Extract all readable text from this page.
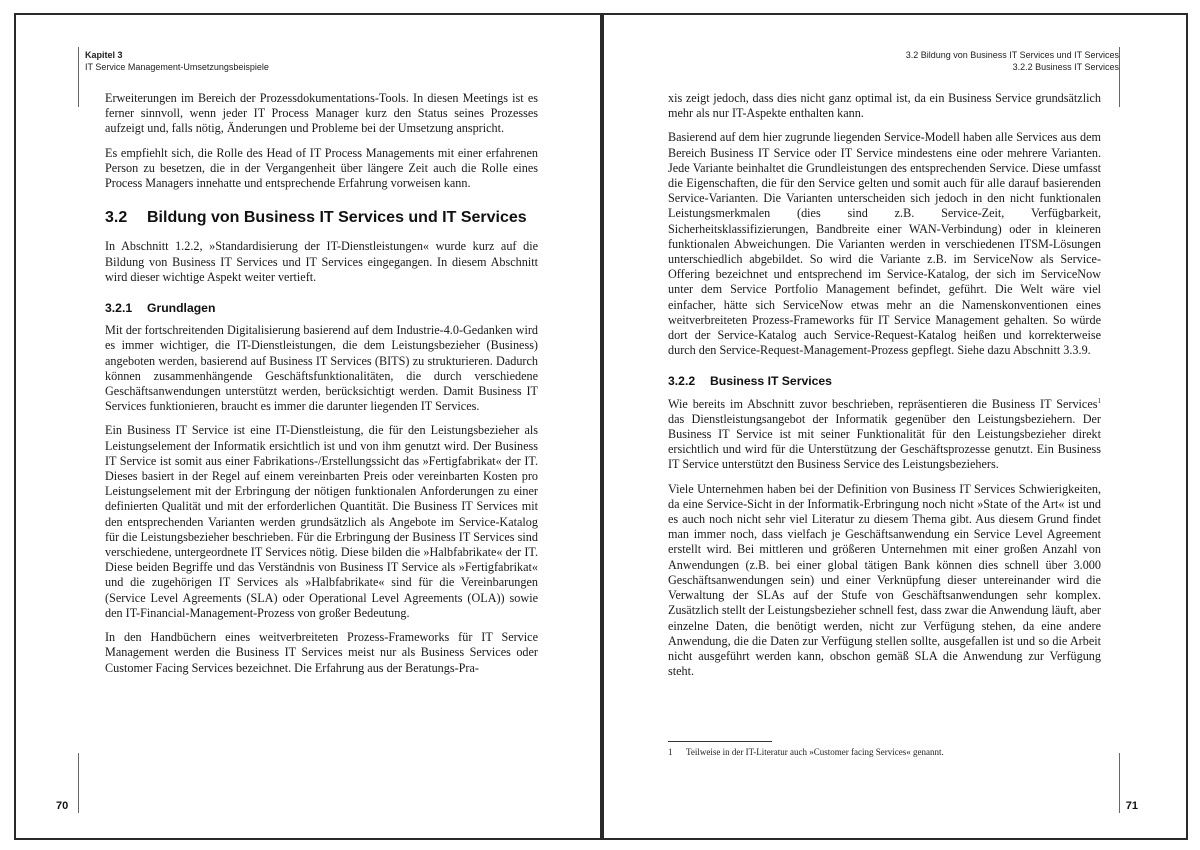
Kapitel 3
IT Service Management-Umsetzungsbeispiele

Erweiterungen im Bereich der Prozessdokumentations-Tools. In diesen Meetings ist es ferner sinnvoll, wenn jeder IT Process Manager kurz den Status seines Prozesses aufzeigt und, falls nötig, Änderungen und Probleme bei der Umsetzung anspricht.

Es empfiehlt sich, die Rolle des Head of IT Process Managements mit einer erfahrenen Person zu besetzen, die in der Vergangenheit über längere Zeit auch die Rolle eines Process Managers innehatte und entsprechende Erfahrung vorweisen kann.

3.2 Bildung von Business IT Services und IT Services

In Abschnitt 1.2.2, »Standardisierung der IT-Dienstleistungen« wurde kurz auf die Bildung von Business IT Services und IT Services eingegangen. In diesem Abschnitt wird dieser wichtige Aspekt weiter vertieft.

3.2.1 Grundlagen

Mit der fortschreitenden Digitalisierung basierend auf dem Industrie-4.0-Gedanken wird es immer wichtiger, die IT-Dienstleistungen, die dem Leistungsbezieher (Business) angeboten werden, basierend auf Business IT Services (BITS) zu strukturieren. Dadurch können zusammenhängende Geschäftsfunktionalitäten, die durch verschiedene Geschäftsanwendungen unterstützt werden, berücksichtigt werden. Damit Business IT Services funktionieren, braucht es immer die darunter liegenden IT Services.

Ein Business IT Service ist eine IT-Dienstleistung, die für den Leistungsbezieher als Leistungselement der Informatik ersichtlich ist und von ihm genutzt wird. Der Business IT Service ist somit aus einer Fabrikations-/Erstellungssicht das »Fertigfabrikat« der IT. Dieses basiert in der Regel auf einem vereinbarten Preis oder vereinbarten Kosten pro Leistungselement mit der Erbringung der nötigen funktionalen Anforderungen zu einer definierten Qualität und mit der erforderlichen Quantität. Die Business IT Services mit den entsprechenden Varianten werden grundsätzlich als Angebote im Service-Katalog für die Leistungsbezieher beschrieben. Für die Erbringung der Business IT Services sind verschiedene, untergeordnete IT Services nötig. Diese bilden die »Halbfabrikate« der IT. Diese beiden Begriffe und das Verständnis von Business IT Service als »Fertigfabrikat« und die zugehörigen IT Services als »Halbfabrikate« sind für die Vereinbarungen (Service Level Agreements (SLA) oder Operational Level Agreements (OLA)) sowie den IT-Financial-Management-Prozess von großer Bedeutung.

In den Handbüchern eines weitverbreiteten Prozess-Frameworks für IT Service Management werden die Business IT Services meist nur als Business Services oder Customer Facing Services bezeichnet. Die Erfahrung aus der Beratungs-Pra-

70
3.2 Bildung von Business IT Services und IT Services
3.2.2 Business IT Services

xis zeigt jedoch, dass dies nicht ganz optimal ist, da ein Business Service grundsätzlich mehr als nur IT-Aspekte enthalten kann.

Basierend auf dem hier zugrunde liegenden Service-Modell haben alle Services aus dem Bereich Business IT Service oder IT Service mindestens eine oder mehrere Varianten. Jede Variante beinhaltet die Grundleistungen des entsprechenden Service. Diese umfasst die Eigenschaften, die für den Service gelten und somit auch für alle darauf basierenden Service-Varianten. Die Varianten unterscheiden sich jedoch in den nicht funktionalen Leistungsmerkmalen (dies sind z.B. Service-Zeit, Verfügbarkeit, Sicherheitsklassifizierungen, Bandbreite einer WAN-Verbindung) oder in kleineren funktionalen Abweichungen. Die Varianten werden in verschiedenen ITSM-Lösungen unterschiedlich abgebildet. So wird die Variante z.B. im ServiceNow als Service-Offering bezeichnet und entsprechend im Service-Katalog, der sich im ServiceNow unter dem Service Portfolio Management befindet, geführt. Die Welt wäre viel einfacher, hätte sich ServiceNow etwas mehr an die Namenskonventionen eines weitverbreiteten Prozess-Frameworks für IT Service Management gehalten. So würde dort der Service-Katalog auch Service-Request-Katalog heißen und korrekterweise durch den Service-Request-Management-Prozess gepflegt. Siehe dazu Abschnitt 3.3.9.

3.2.2 Business IT Services

Wie bereits im Abschnitt zuvor beschrieben, repräsentieren die Business IT Services$^1$ das Dienstleistungsangebot der Informatik gegenüber den Leistungsbeziehern. Der Business IT Service ist mit seiner Funktionalität für den Leistungsbezieher direkt ersichtlich und wird für die Unterstützung der Geschäftsprozesse genutzt. Ein Business IT Service unterstützt den Business Service des Leistungsbeziehers.

Viele Unternehmen haben bei der Definition von Business IT Services Schwierigkeiten, da eine Service-Sicht in der Informatik-Erbringung noch nicht »State of the Art« ist und es auch noch nicht sehr viel Literatur zu diesem Thema gibt. Aus diesem Grund findet man immer noch, dass vielfach je Geschäftsanwendung ein Service Level Agreement erstellt wird. Bei mittleren und größeren Unternehmen mit einer großen Anzahl von Anwendungen (z.B. bei einer global tätigen Bank können dies schnell über 3.000 Geschäftsanwendungen sein) und einer Verknüpfung dieser untereinander wird die Verwaltung der SLAs auf der Stufe von Geschäftsanwendungen sehr komplex. Zusätzlich stellt der Leistungsbezieher schnell fest, dass zwar die Anwendung läuft, aber einzelne Daten, die benötigt werden, nicht zur Verfügung stehen, da eine andere Anwendung, die die Daten zur Verfügung stellen sollte, ausgefallen ist und so die Arbeit nicht ausgeführt werden kann, obschon gemäß SLA die Anwendung zur Verfügung steht.

1 Teilweise in der IT-Literatur auch »Customer facing Services« genannt.
71
